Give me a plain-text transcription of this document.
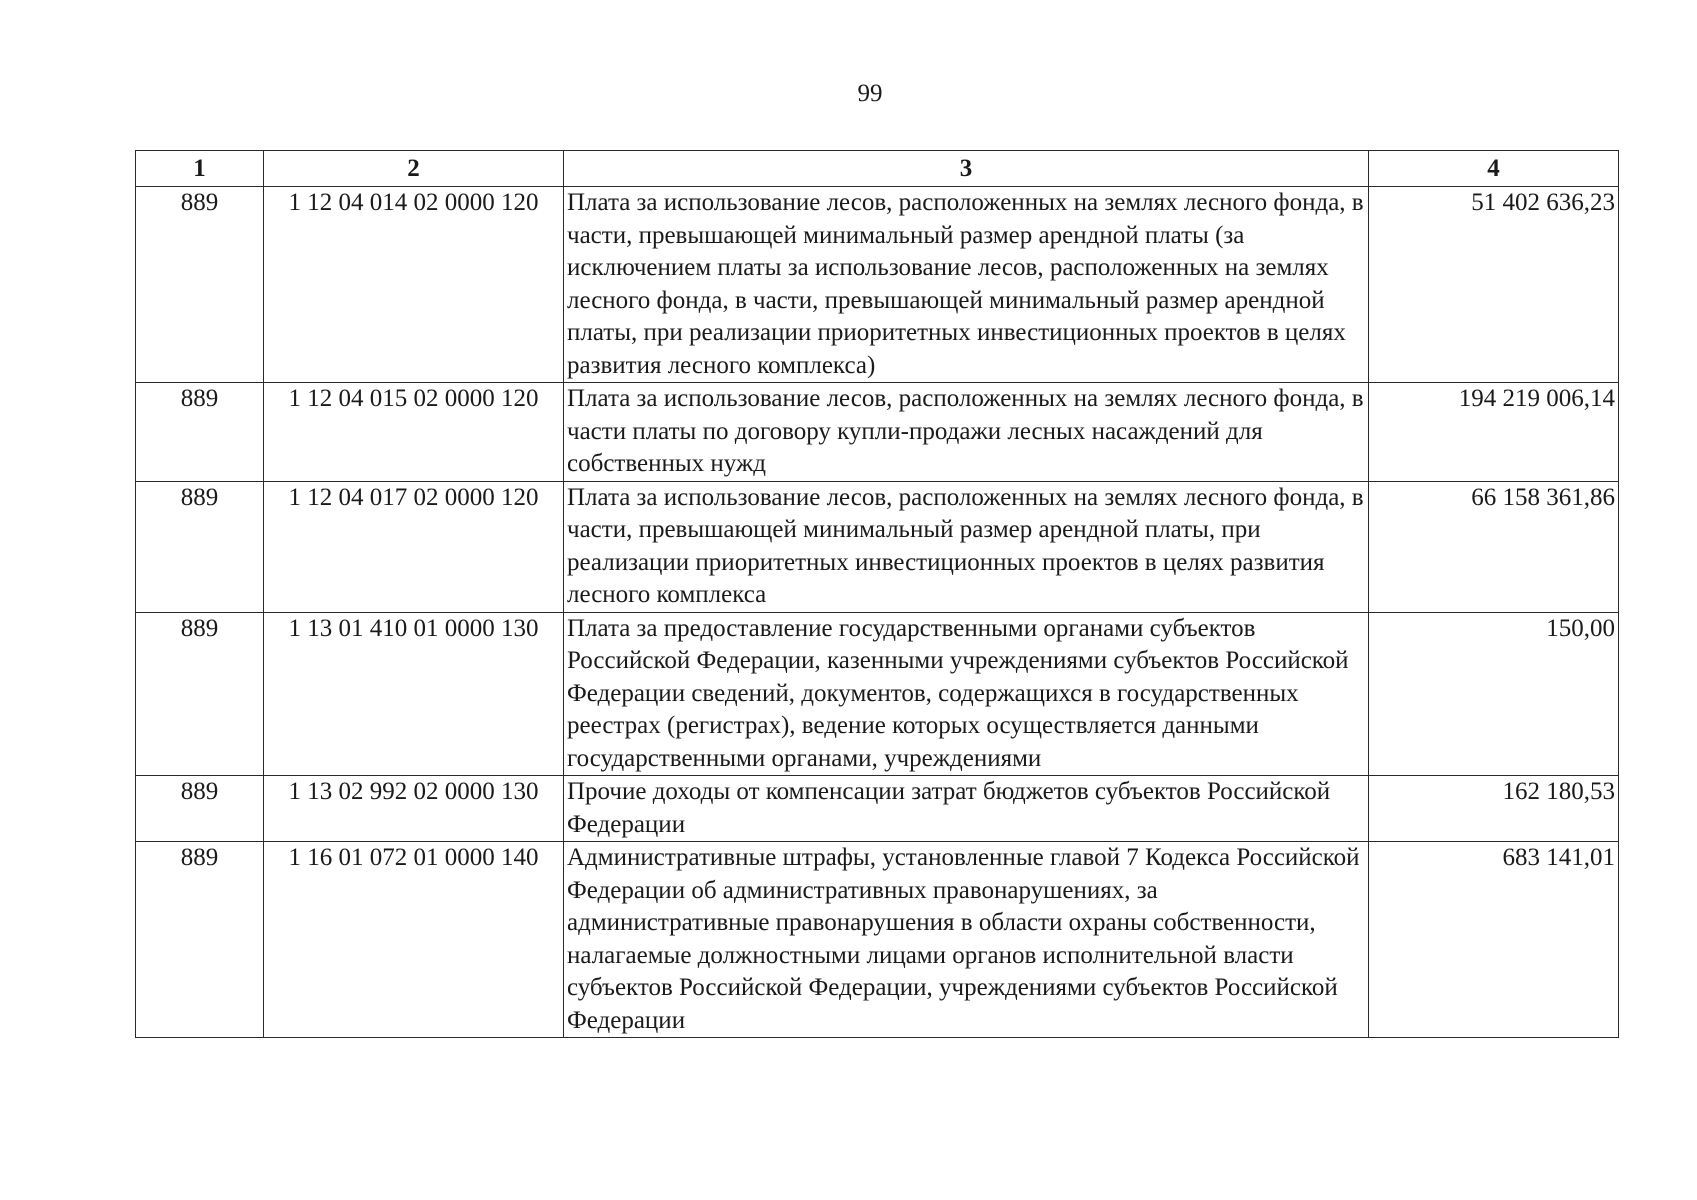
99
1	2	3	4
889	1 12 04 014 02 0000 120	Плата за использование лесов, расположенных на землях лесного фонда, в части, превышающей минимальный размер арендной платы (за исключением платы за использование лесов, расположенных на землях лесного фонда, в части, превышающей минимальный размер арендной платы, при реализации приоритетных инвестиционных проектов в целях развития лесного комплекса)	51 402 636,23
889	1 12 04 015 02 0000 120	Плата за использование лесов, расположенных на землях лесного фонда, в части платы по договору купли-продажи лесных насаждений для собственных нужд	194 219 006,14
889	1 12 04 017 02 0000 120	Плата за использование лесов, расположенных на землях лесного фонда, в части, превышающей минимальный размер арендной платы, при реализации приоритетных инвестиционных проектов в целях развития лесного комплекса	66 158 361,86
889	1 13 01 410 01 0000 130	Плата за предоставление государственными органами субъектов Российской Федерации, казенными учреждениями субъектов Российской Федерации сведений, документов, содержащихся в государственных реестрах (регистрах), ведение которых осуществляется данными государственными органами, учреждениями	150,00
889	1 13 02 992 02 0000 130	Прочие доходы от компенсации затрат бюджетов субъектов Российской Федерации	162 180,53
889	1 16 01 072 01 0000 140	Административные штрафы, установленные главой 7 Кодекса Российской Федерации об административных правонарушениях, за административные правонарушения в области охраны собственности, налагаемые должностными лицами органов исполнительной власти субъектов Российской Федерации, учреждениями субъектов Российской Федерации	683 141,01
